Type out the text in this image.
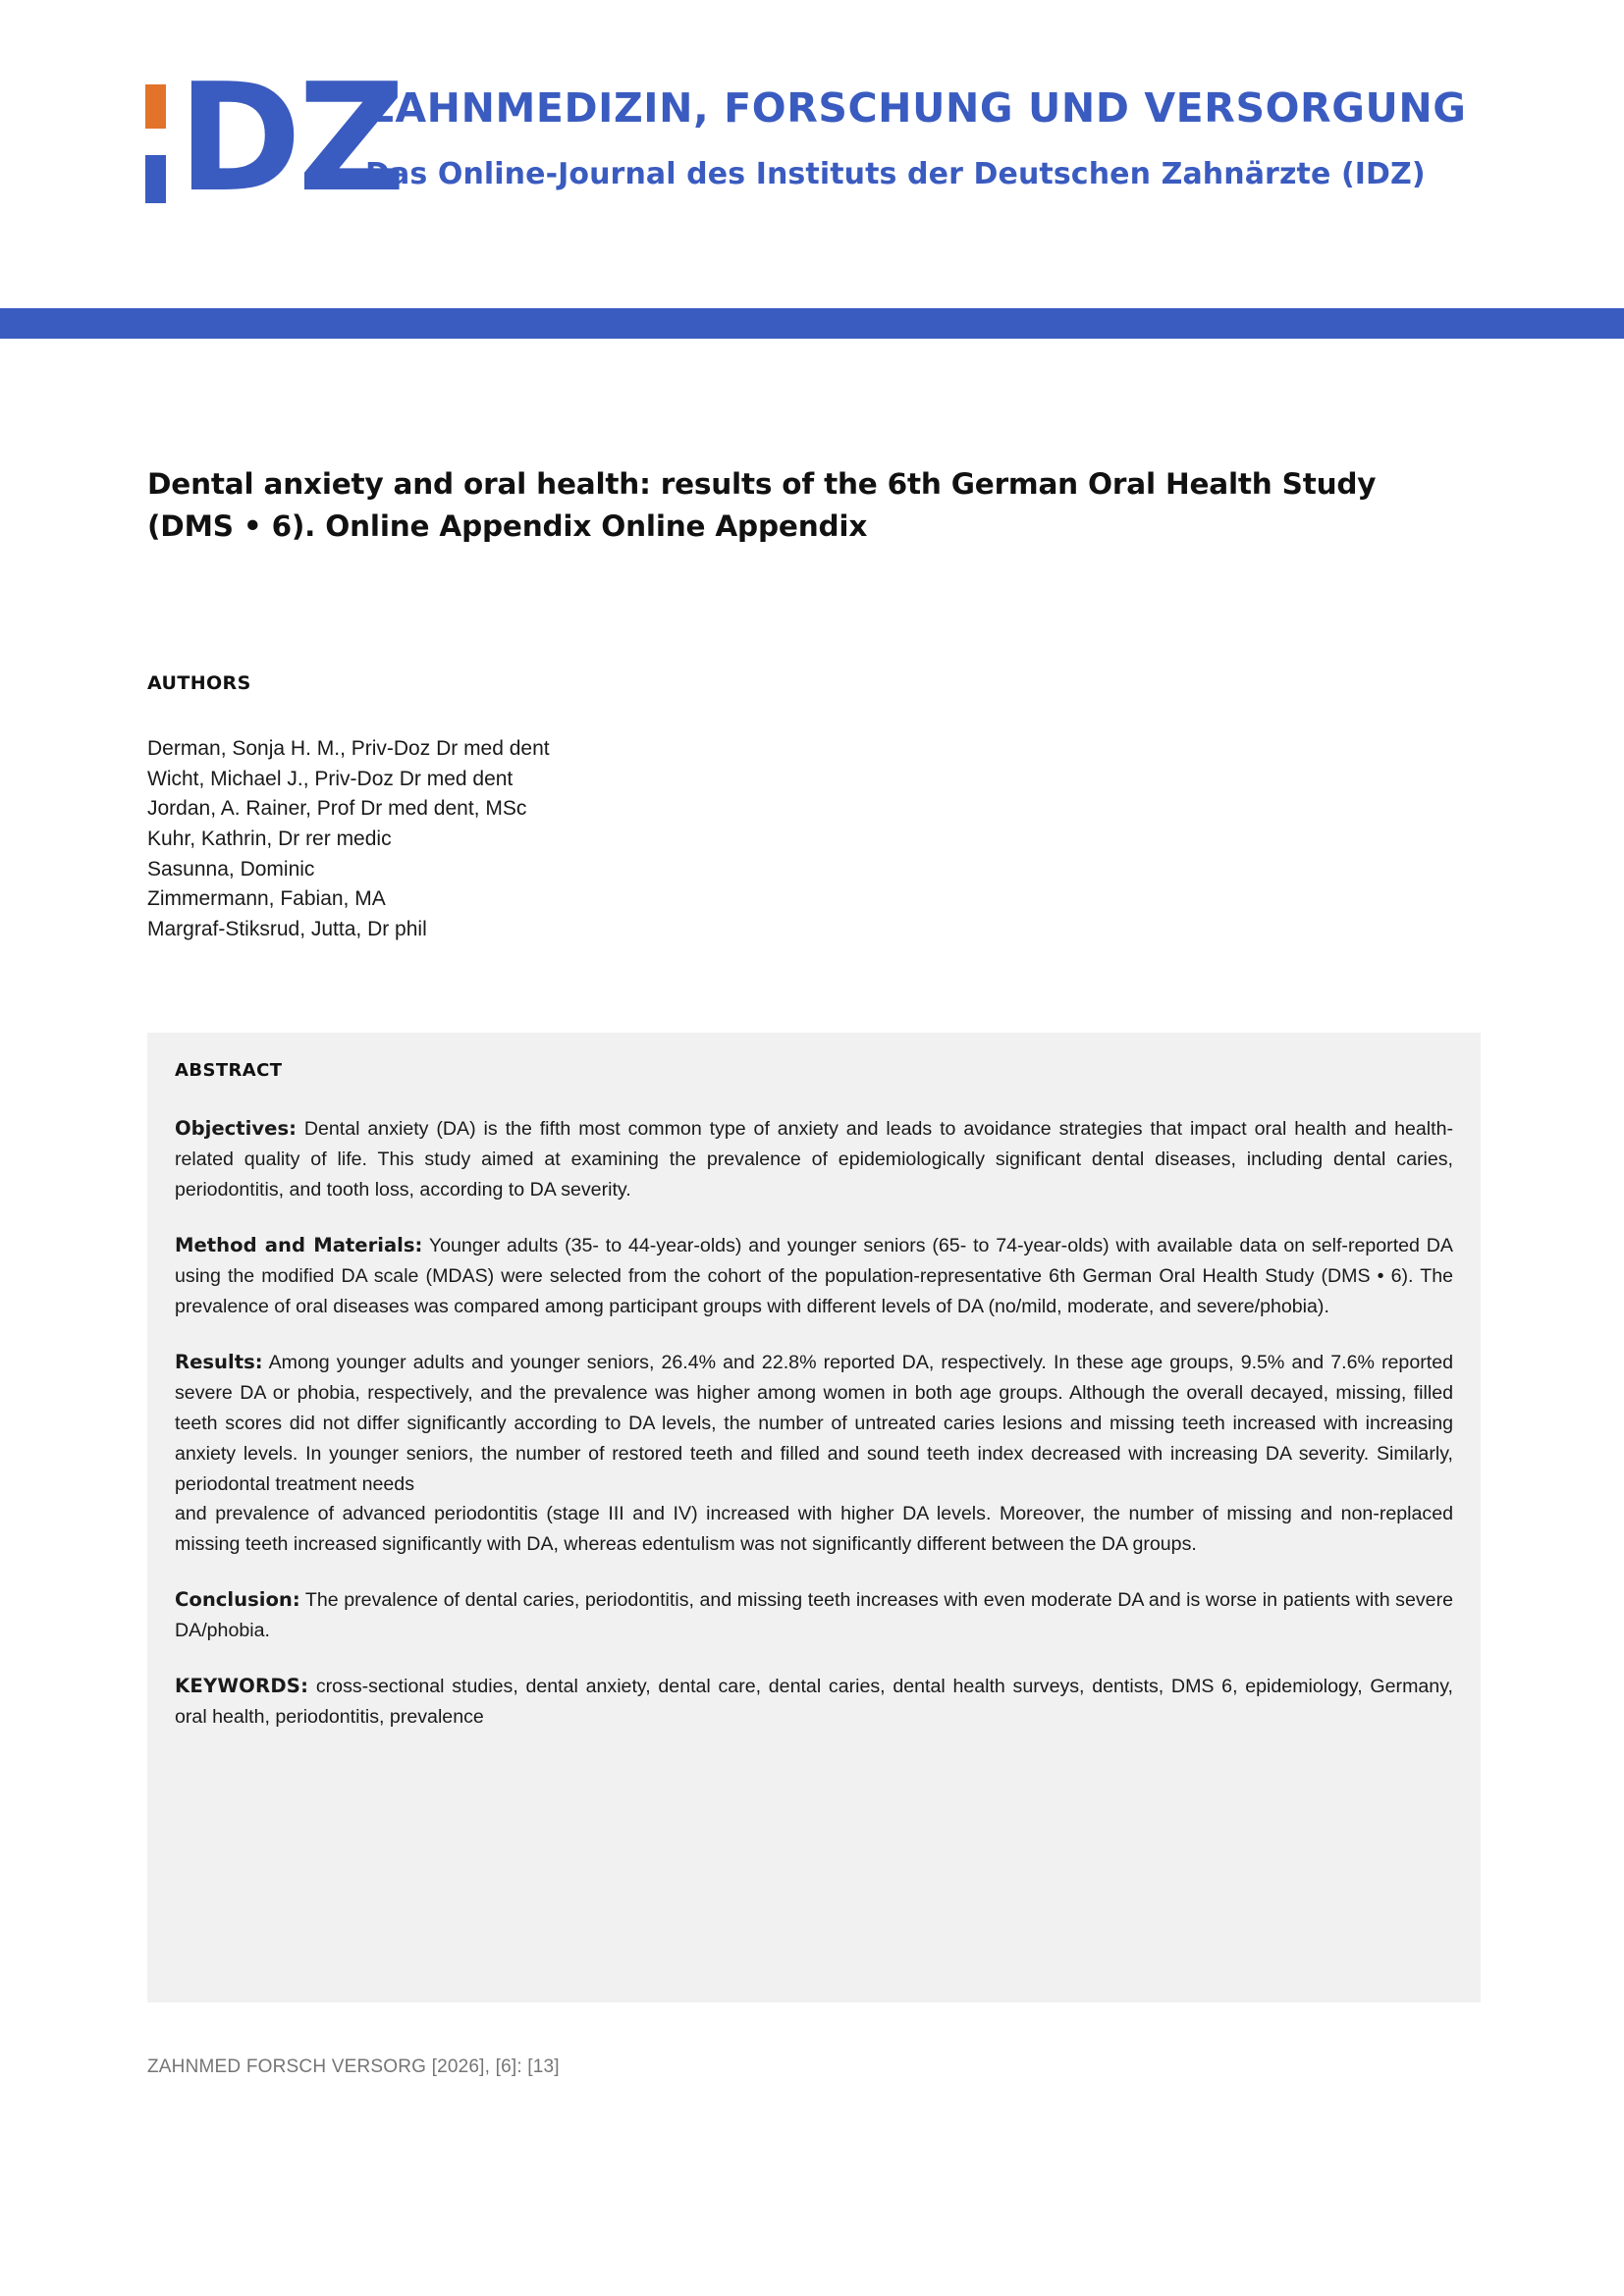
DZ
ZAHNMEDIZIN, FORSCHUNG UND VERSORGUNG
Das Online-Journal des Instituts der Deutschen Zahnärzte (IDZ)
Dental anxiety and oral health: results of the 6th German Oral Health Study (DMS • 6). Online Appendix Online Appendix
AUTHORS
Derman, Sonja H. M., Priv-Doz Dr med dent
Wicht, Michael J., Priv-Doz Dr med dent
Jordan, A. Rainer, Prof Dr med dent, MSc
Kuhr, Kathrin, Dr rer medic
Sasunna, Dominic
Zimmermann, Fabian, MA
Margraf-Stiksrud, Jutta, Dr phil
ABSTRACT

Objectives: Dental anxiety (DA) is the fifth most common type of anxiety and leads to avoidance strategies that impact oral health and health-related quality of life. This study aimed at examining the prevalence of epidemiologically significant dental diseases, including dental caries, periodontitis, and tooth loss, according to DA severity.

Method and Materials: Younger adults (35- to 44-year-olds) and younger seniors (65- to 74-year-olds) with available data on self-reported DA using the modified DA scale (MDAS) were selected from the cohort of the population-representative 6th German Oral Health Study (DMS • 6). The prevalence of oral diseases was compared among participant groups with different levels of DA (no/mild, moderate, and severe/phobia).

Results: Among younger adults and younger seniors, 26.4% and 22.8% reported DA, respectively. In these age groups, 9.5% and 7.6% reported severe DA or phobia, respectively, and the prevalence was higher among women in both age groups. Although the overall decayed, missing, filled teeth scores did not differ significantly according to DA levels, the number of untreated caries lesions and missing teeth increased with increasing anxiety levels. In younger seniors, the number of restored teeth and filled and sound teeth index decreased with increasing DA severity. Similarly, periodontal treatment needs
and prevalence of advanced periodontitis (stage III and IV) increased with higher DA levels. Moreover, the number of missing and non-replaced missing teeth increased significantly with DA, whereas edentulism was not significantly different between the DA groups.

Conclusion: The prevalence of dental caries, periodontitis, and missing teeth increases with even moderate DA and is worse in patients with severe DA/phobia.

KEYWORDS: cross-sectional studies, dental anxiety, dental care, dental caries, dental health surveys, dentists, DMS 6, epidemiology, Germany, oral health, periodontitis, prevalence

ZAHNMED FORSCH VERSORG [2026], [6]: [13]
